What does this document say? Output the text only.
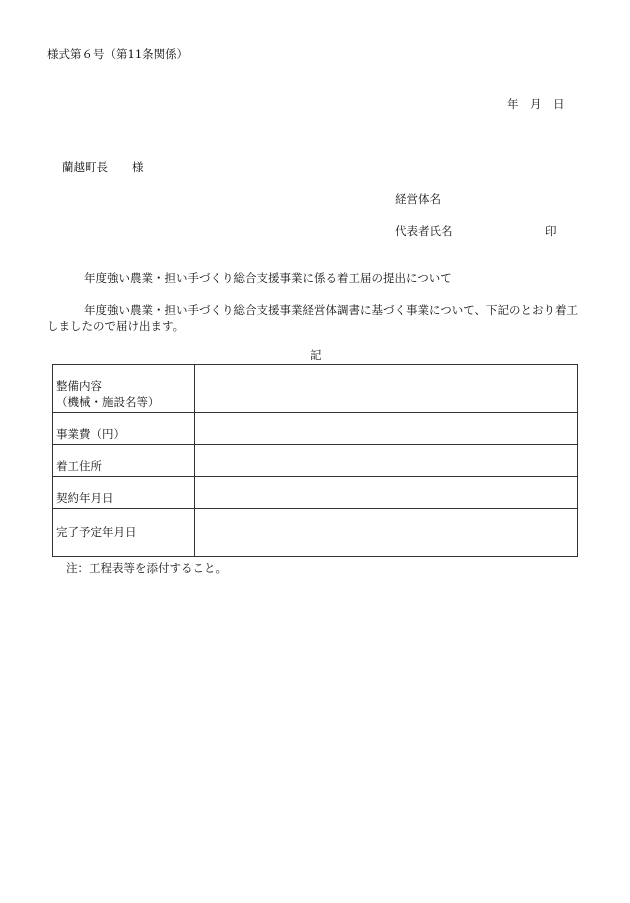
様式第６号（第11条関係）
年　月　日
蘭越町長 様
経営体名
代表者氏名	印
年度強い農業・担い手づくり総合支援事業に係る着工届の提出について
年度強い農業・担い手づくり総合支援事業経営体調書に基づく事業について、下記のとおり着工しましたので届け出ます。
記
整備内容
（機械・施設名等）	

事業費（円）	
着工住所	
契約年月日	
完了予定年月日	
注：工程表等を添付すること。
